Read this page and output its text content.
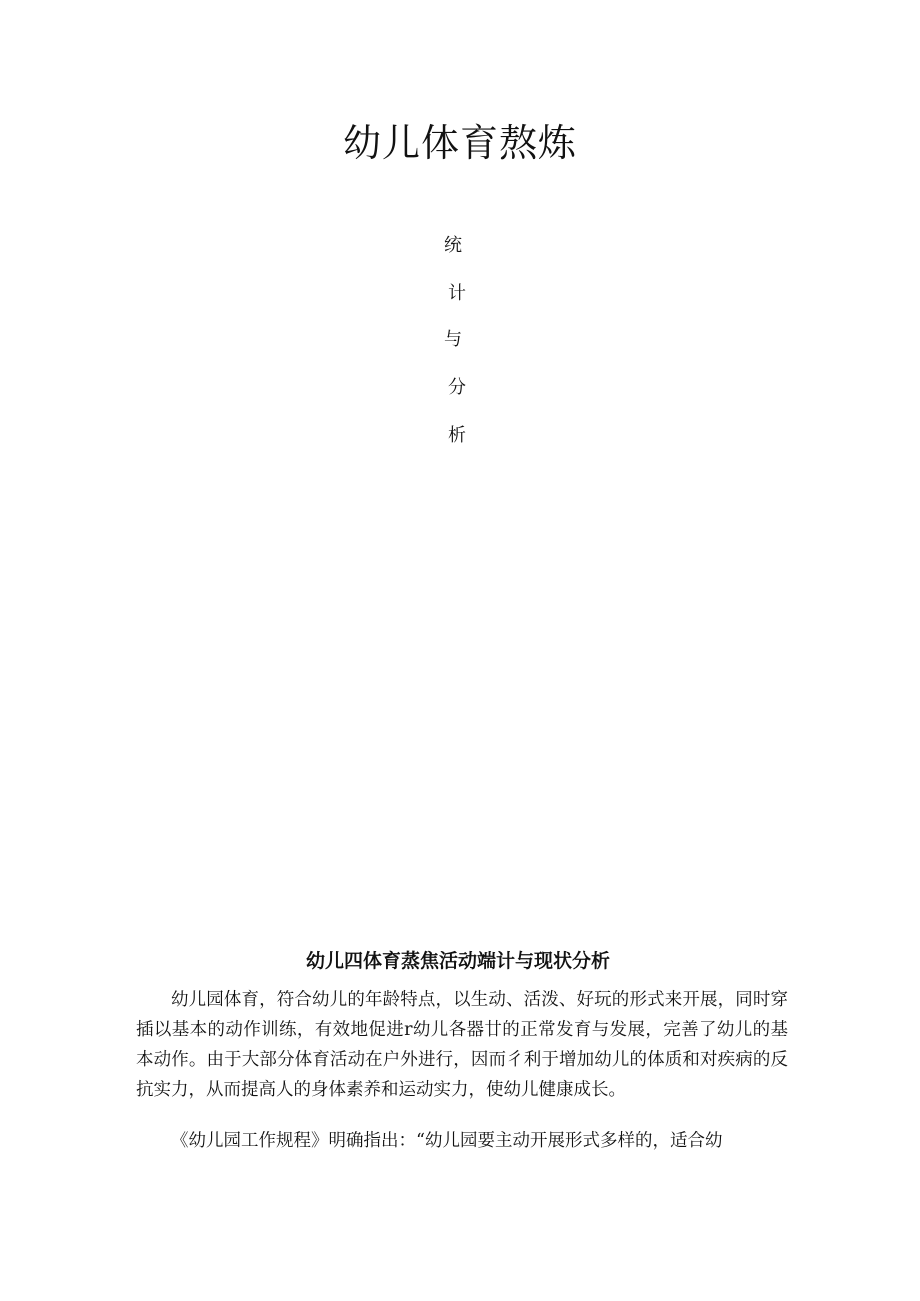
幼儿体育熬炼
统
计
与
分
析
幼儿四体育蒸焦活动端计与现状分析

幼儿园体育，符合幼儿的年龄特点，以生动、活泼、好玩的形式来开展，同时穿插以基本的动作训练，有效地促进r幼儿各器廿的正常发育与发展，完善了幼儿的基本动作。由于大部分体育活动在户外进行，因而彳利于增加幼儿的体质和对疾病的反抗实力，从而提高人的身体素养和运动实力，使幼儿健康成长。

《幼儿园工作规程》明确指出：“幼儿园要主动开展形式多样的，适合幼
